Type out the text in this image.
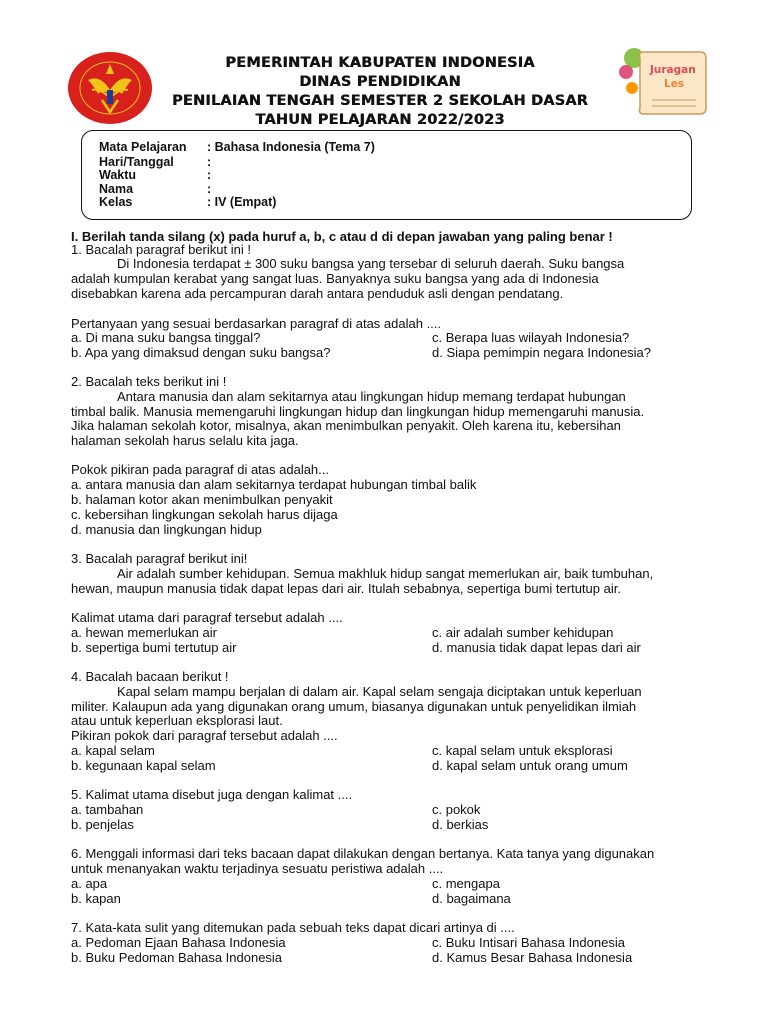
Juragan
Les
PEMERINTAH KABUPATEN INDONESIA
DINAS PENDIDIKAN
PENILAIAN TENGAH SEMESTER 2 SEKOLAH DASAR
TAHUN PELAJARAN 2022/2023
Mata Pelajaran : Bahasa Indonesia (Tema 7)
Hari/Tanggal	:
Waktu	:
Nama	:
Kelas	: IV (Empat)
I. Berilah tanda silang (x) pada huruf a, b, c atau d di depan jawaban yang paling benar !
1. Bacalah paragraf berikut ini !
Di Indonesia terdapat ± 300 suku bangsa yang tersebar di seluruh daerah. Suku bangsa
adalah kumpulan kerabat yang sangat luas. Banyaknya suku bangsa yang ada di Indonesia
disebabkan karena ada percampuran darah antara penduduk asli dengan pendatang.
Pertanyaan yang sesuai berdasarkan paragraf di atas adalah ....
a. Di mana suku bangsa tinggal?	c. Berapa luas wilayah Indonesia?
b. Apa yang dimaksud dengan suku bangsa?	d. Siapa pemimpin negara Indonesia?
2. Bacalah teks berikut ini !
Antara manusia dan alam sekitarnya atau lingkungan hidup memang terdapat hubungan
timbal balik. Manusia memengaruhi lingkungan hidup dan lingkungan hidup memengaruhi manusia.
Jika halaman sekolah kotor, misalnya, akan menimbulkan penyakit. Oleh karena itu, kebersihan
halaman sekolah harus selalu kita jaga.
Pokok pikiran pada paragraf di atas adalah...
a. antara manusia dan alam sekitarnya terdapat hubungan timbal balik
b. halaman kotor akan menimbulkan penyakit
c. kebersihan lingkungan sekolah harus dijaga
d. manusia dan lingkungan hidup
3. Bacalah paragraf berikut ini!
Air adalah sumber kehidupan. Semua makhluk hidup sangat memerlukan air, baik tumbuhan,
hewan, maupun manusia tidak dapat lepas dari air. Itulah sebabnya, sepertiga bumi tertutup air.
Kalimat utama dari paragraf tersebut adalah ....
a. hewan memerlukan air	c. air adalah sumber kehidupan
b. sepertiga bumi tertutup air	d. manusia tidak dapat lepas dari air
4. Bacalah bacaan berikut !
Kapal selam mampu berjalan di dalam air. Kapal selam sengaja diciptakan untuk keperluan
militer. Kalaupun ada yang digunakan orang umum, biasanya digunakan untuk penyelidikan ilmiah
atau untuk keperluan eksplorasi laut.
Pikiran pokok dari paragraf tersebut adalah ....
a. kapal selam	c. kapal selam untuk eksplorasi
b. kegunaan kapal selam	d. kapal selam untuk orang umum
5. Kalimat utama disebut juga dengan kalimat ....
a. tambahan	c. pokok
b. penjelas	d. berkias
6. Menggali informasi dari teks bacaan dapat dilakukan dengan bertanya. Kata tanya yang digunakan
untuk menanyakan waktu terjadinya sesuatu peristiwa adalah ....
a. apa	c. mengapa
b. kapan	d. bagaimana
7. Kata-kata sulit yang ditemukan pada sebuah teks dapat dicari artinya di ....
a. Pedoman Ejaan Bahasa Indonesia	c. Buku Intisari Bahasa Indonesia
b. Buku Pedoman Bahasa Indonesia	d. Kamus Besar Bahasa Indonesia
